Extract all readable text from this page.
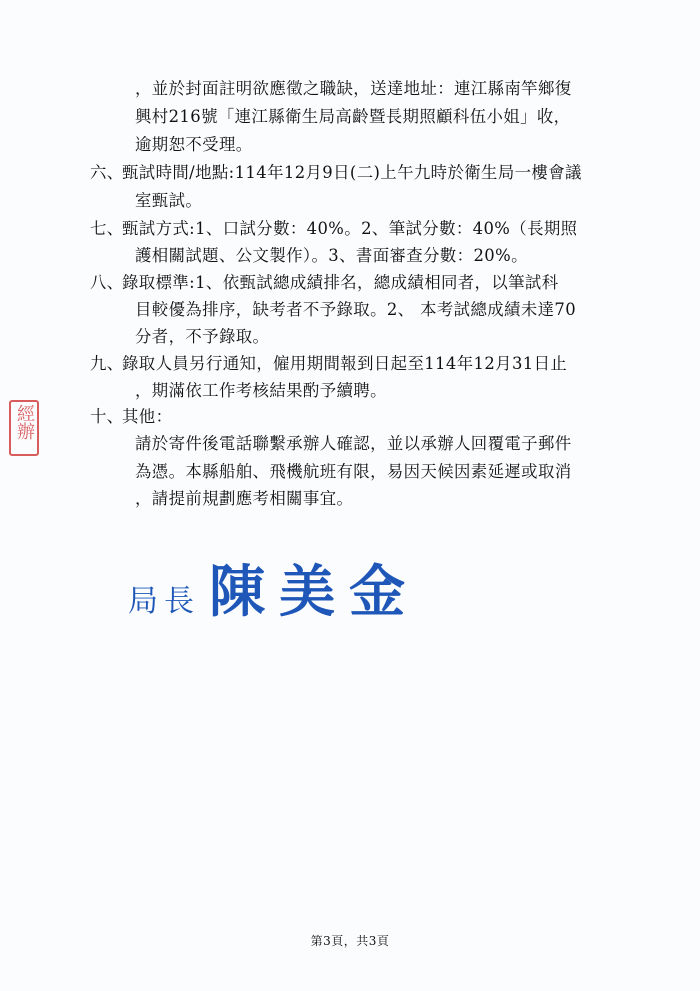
，並於封面註明欲應徵之職缺，送達地址：連江縣南竿鄉復
興村216號「連江縣衛生局高齡暨長期照顧科伍小姐」收，
逾期恕不受理。
六、
甄試時間/地點:114年12月9日(二)上午九時於衛生局一樓會議
室甄試。
七、
甄試方式:1、口試分數：40%。2、筆試分數：40%（長期照
護相關試題、公文製作）。3、書面審查分數：20%。
八、
錄取標準:1、依甄試總成績排名，總成績相同者，以筆試科
目較優為排序，缺考者不予錄取。2、 本考試總成績未達70
分者，不予錄取。
九、
錄取人員另行通知，僱用期間報到日起至114年12月31日止
，期滿依工作考核結果酌予續聘。
十、
其他：
請於寄件後電話聯繫承辦人確認，並以承辦人回覆電子郵件
為憑。本縣船舶、飛機航班有限，易因天候因素延遲或取消
，請提前規劃應考相關事宜。
經辦
局長 陳美金
第3頁，共3頁
